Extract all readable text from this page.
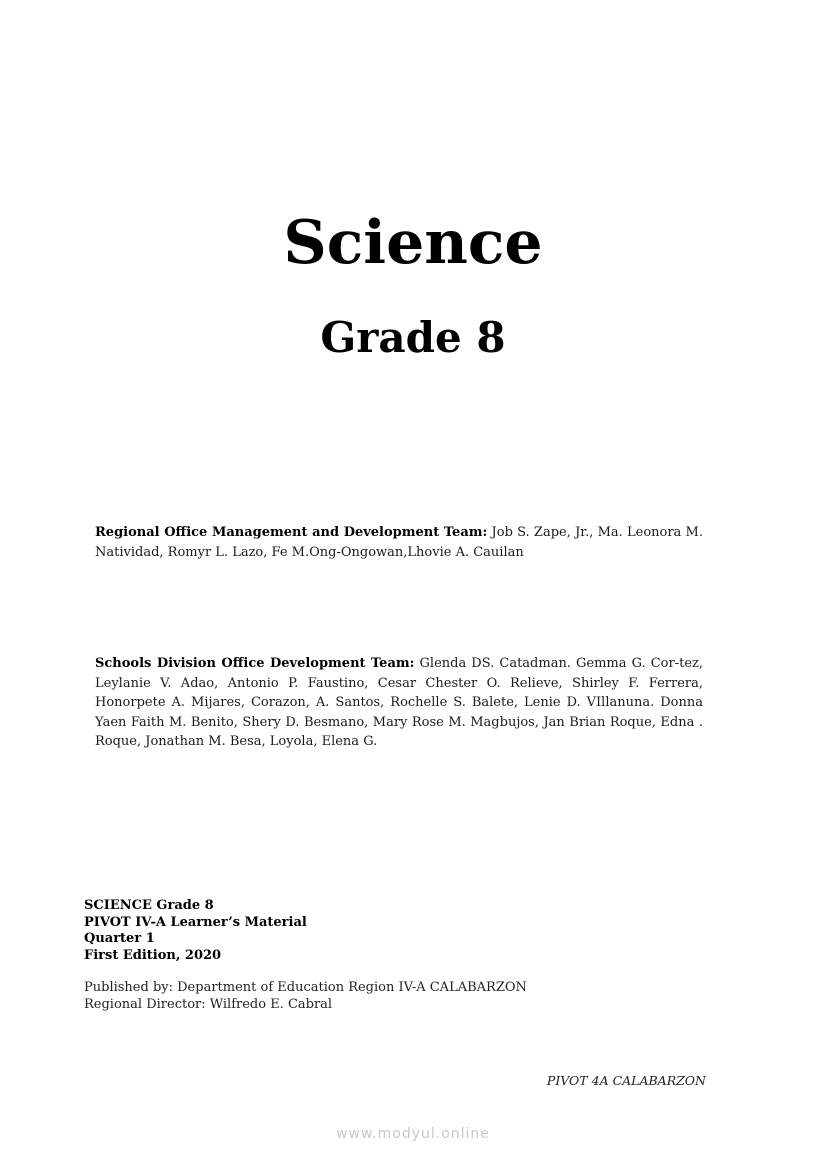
Science
Grade 8

Regional Office Management and Development Team: Job S. Zape, Jr., Ma. Leonora M. Natividad, Romyr L. Lazo, Fe M.Ong-Ongowan,Lhovie A. Cauilan

Schools Division Office Development Team: Glenda DS. Catadman. Gemma G. Cor-tez, Leylanie V. Adao, Antonio P. Faustino, Cesar Chester O. Relieve, Shirley F. Ferrera, Honorpete A. Mijares, Corazon, A. Santos, Rochelle S. Balete, Lenie D. VIllanuna. Donna Yaen Faith M. Benito, Shery D. Besmano, Mary Rose M. Magbujos, Jan Brian Roque, Edna . Roque, Jonathan M. Besa, Loyola, Elena G.

SCIENCE Grade 8
PIVOT IV-A Learner’s Material
Quarter 1
First Edition, 2020
Published by: Department of Education Region IV-A CALABARZON
Regional Director: Wilfredo E. Cabral
PIVOT 4A CALABARZON
www.modyul.online
